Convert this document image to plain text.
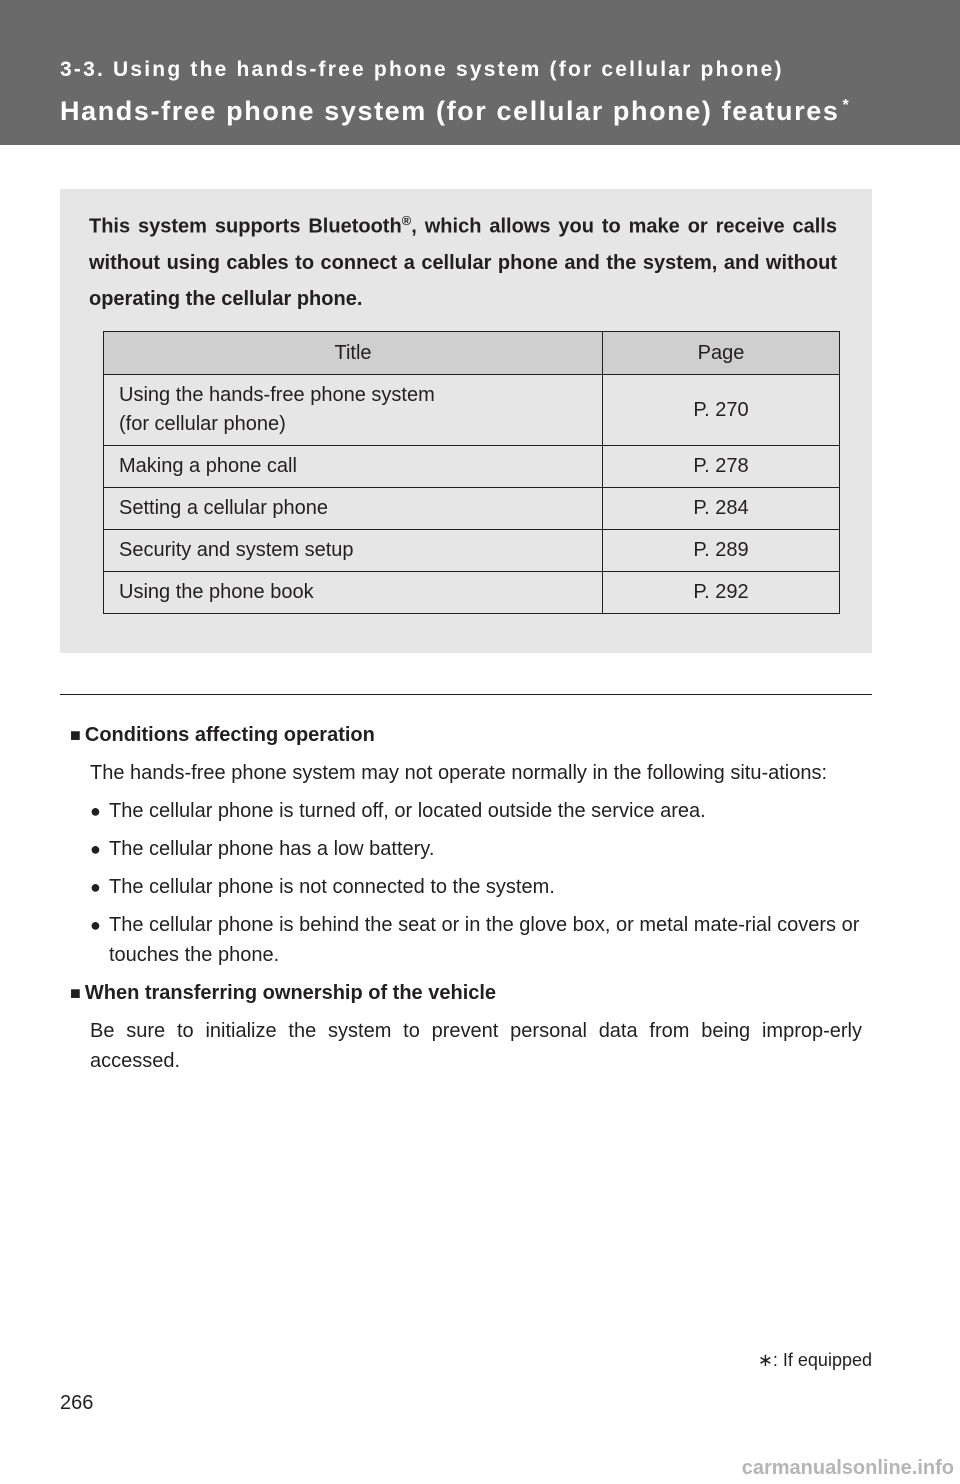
3-3. Using the hands-free phone system (for cellular phone)
Hands-free phone system (for cellular phone) features *
This system supports Bluetooth®, which allows you to make or receive calls without using cables to connect a cellular phone and the system, and without operating the cellular phone.
Title	Page
Using the hands-free phone system
(for cellular phone)	P. 270
Making a phone call	P. 278
Setting a cellular phone	P. 284
Security and system setup	P. 289
Using the phone book	P. 292

■ Conditions affecting operation

The hands-free phone system may not operate normally in the following situ-ations:

● The cellular phone is turned off, or located outside the service area.
● The cellular phone has a low battery.
● The cellular phone is not connected to the system.
● The cellular phone is behind the seat or in the glove box, or metal mate-rial covers or touches the phone.

■ When transferring ownership of the vehicle

Be sure to initialize the system to prevent personal data from being improp-erly accessed.

∗: If equipped
266
carmanualsonline.info
